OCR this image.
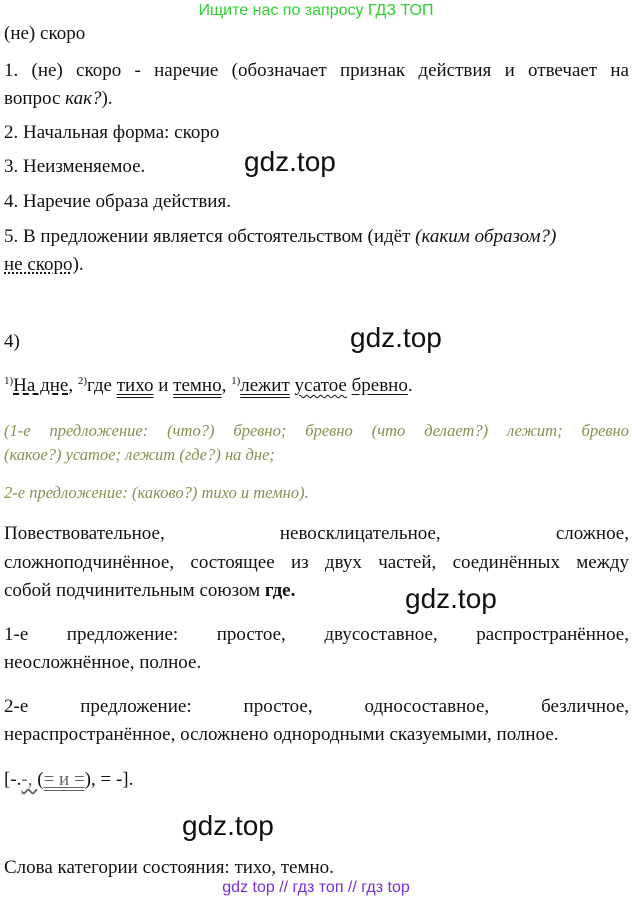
Ищите нас по запросу ГДЗ ТОП
(не) скоро
1. (не) скоро - наречие (обозначает признак действия и отвечает на
вопрос как?).
2. Начальная форма: скоро
3. Неизменяемое.	gdz.top
4. Наречие образа действия.
5. В предложении является обстоятельством (идёт (каким образом?)
не скоро).
4)	gdz.top
$^{1)}$На дне, $^{2)}$где тихо и темно, $^{1)}$лежит усатое бревно.
(1-е предложение: (что?) бревно; бревно (что делает?) лежит; бревно
(какое?) усатое; лежит (где?) на дне;
2-е предложение: (каково?) тихо и темно).
Повествовательное,	невосклицательное,	сложное,
сложноподчинённое, состоящее из двух частей, соединённых между
собой подчинительным союзом где.	gdz.top
1-е предложение: простое, двусоставное, распространённое,
неосложнённое, полное.
2-е предложение: простое, односоставное, безличное,
нераспространённое, осложнено однородными сказуемыми, полное.
[-.-, (= и =), = -].
gdz.top
Слова категории состояния: тихо, темно.
gdz top // гдз топ // гдз top
